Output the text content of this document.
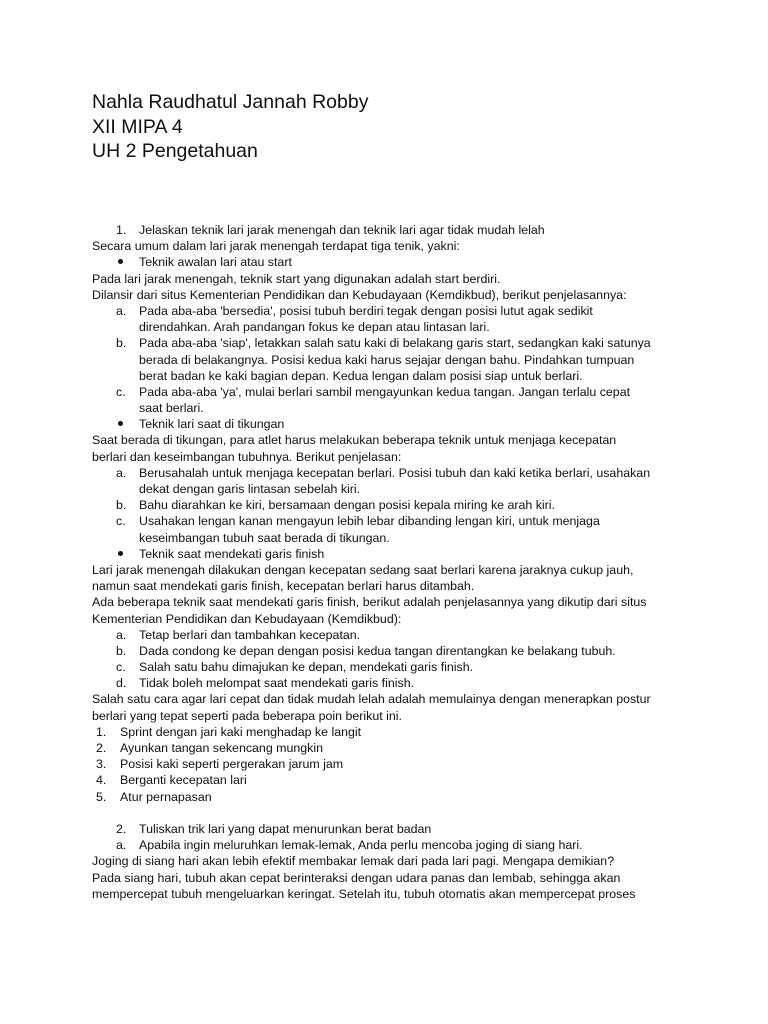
Nahla Raudhatul Jannah Robby
XII MIPA 4
UH 2 Pengetahuan
1. Jelaskan teknik lari jarak menengah dan teknik lari agar tidak mudah lelah
Secara umum dalam lari jarak menengah terdapat tiga tenik, yakni:
Teknik awalan lari atau start
Pada lari jarak menengah, teknik start yang digunakan adalah start berdiri.
Dilansir dari situs Kementerian Pendidikan dan Kebudayaan (Kemdikbud), berikut penjelasannya:
a. Pada aba-aba 'bersedia', posisi tubuh berdiri tegak dengan posisi lutut agak sedikit
direndahkan. Arah pandangan fokus ke depan atau lintasan lari.
b. Pada aba-aba 'siap', letakkan salah satu kaki di belakang garis start, sedangkan kaki satunya
berada di belakangnya. Posisi kedua kaki harus sejajar dengan bahu. Pindahkan tumpuan
berat badan ke kaki bagian depan. Kedua lengan dalam posisi siap untuk berlari.
c. Pada aba-aba 'ya', mulai berlari sambil mengayunkan kedua tangan. Jangan terlalu cepat
saat berlari.
Teknik lari saat di tikungan
Saat berada di tikungan, para atlet harus melakukan beberapa teknik untuk menjaga kecepatan
berlari dan keseimbangan tubuhnya. Berikut penjelasan:
a. Berusahalah untuk menjaga kecepatan berlari. Posisi tubuh dan kaki ketika berlari, usahakan
dekat dengan garis lintasan sebelah kiri.
b. Bahu diarahkan ke kiri, bersamaan dengan posisi kepala miring ke arah kiri.
c. Usahakan lengan kanan mengayun lebih lebar dibanding lengan kiri, untuk menjaga
keseimbangan tubuh saat berada di tikungan.
Teknik saat mendekati garis finish
Lari jarak menengah dilakukan dengan kecepatan sedang saat berlari karena jaraknya cukup jauh,
namun saat mendekati garis finish, kecepatan berlari harus ditambah.
Ada beberapa teknik saat mendekati garis finish, berikut adalah penjelasannya yang dikutip dari situs
Kementerian Pendidikan dan Kebudayaan (Kemdikbud):
a. Tetap berlari dan tambahkan kecepatan.
b. Dada condong ke depan dengan posisi kedua tangan direntangkan ke belakang tubuh.
c. Salah satu bahu dimajukan ke depan, mendekati garis finish.
d. Tidak boleh melompat saat mendekati garis finish.
Salah satu cara agar lari cepat dan tidak mudah lelah adalah memulainya dengan menerapkan postur
berlari yang tepat seperti pada beberapa poin berikut ini.
1. Sprint dengan jari kaki menghadap ke langit
2. Ayunkan tangan sekencang mungkin
3. Posisi kaki seperti pergerakan jarum jam
4. Berganti kecepatan lari
5. Atur pernapasan
2. Tuliskan trik lari yang dapat menurunkan berat badan
a. Apabila ingin meluruhkan lemak-lemak, Anda perlu mencoba joging di siang hari.
Joging di siang hari akan lebih efektif membakar lemak dari pada lari pagi. Mengapa demikian?
Pada siang hari, tubuh akan cepat berinteraksi dengan udara panas dan lembab, sehingga akan
mempercepat tubuh mengeluarkan keringat. Setelah itu, tubuh otomatis akan mempercepat proses
